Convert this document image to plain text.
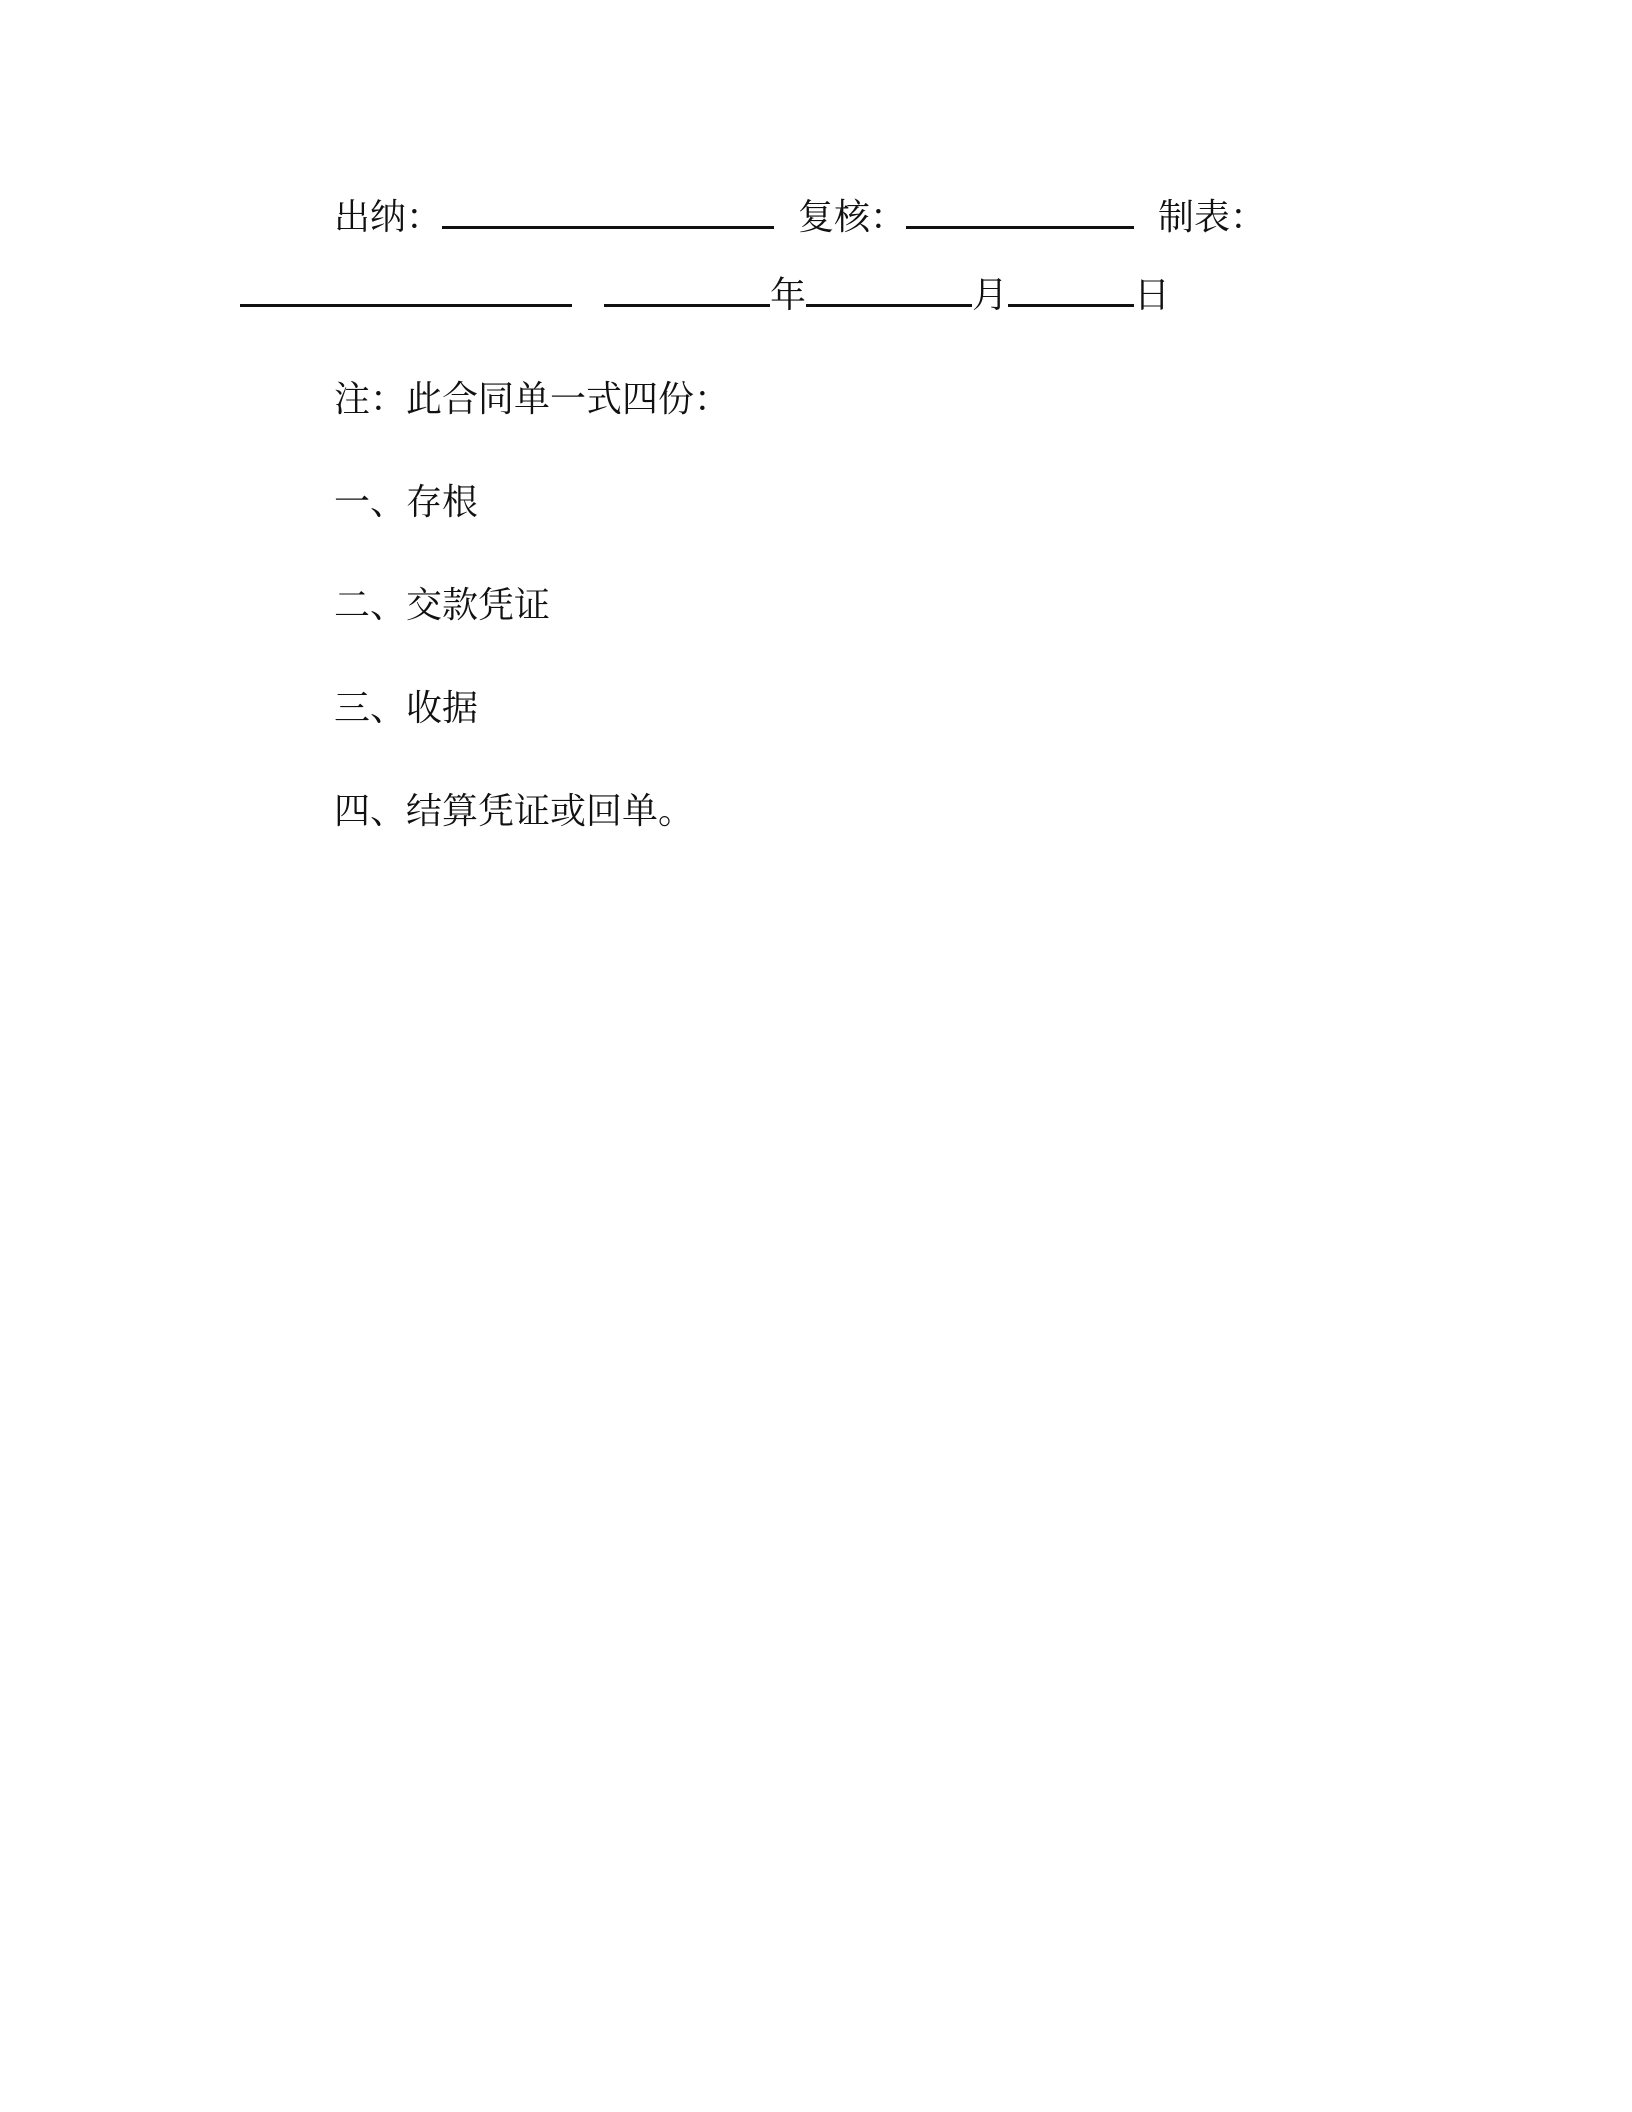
出纳：	复核：	制表：
年	月	日
注：此合同单一式四份：
一、存根
二、交款凭证
三、收据
四、结算凭证或回单。
